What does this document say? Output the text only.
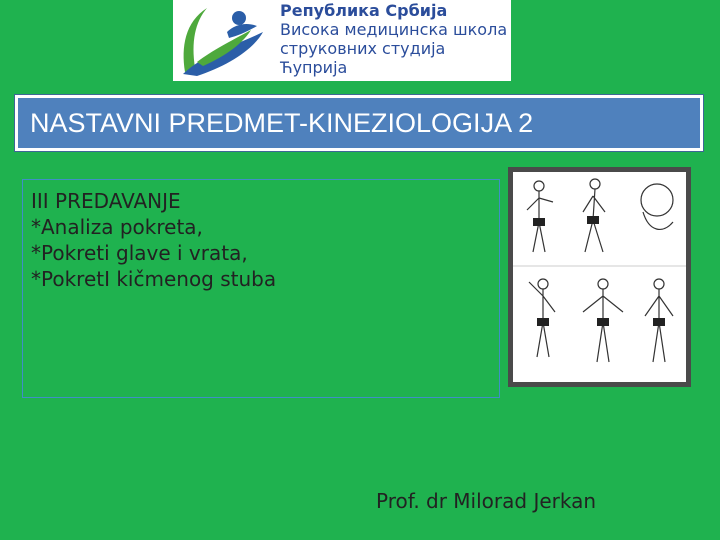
Република Србија
Висока медицинска школа
струковних студија
Ћуприја
NASTAVNI PREDMET-KINEZIOLOGIJA 2
III PREDAVANJE
*Analiza pokreta,
*Pokreti glave i vrata,
*PokretI kičmenog stuba
Prof. dr Milorad Jerkan
